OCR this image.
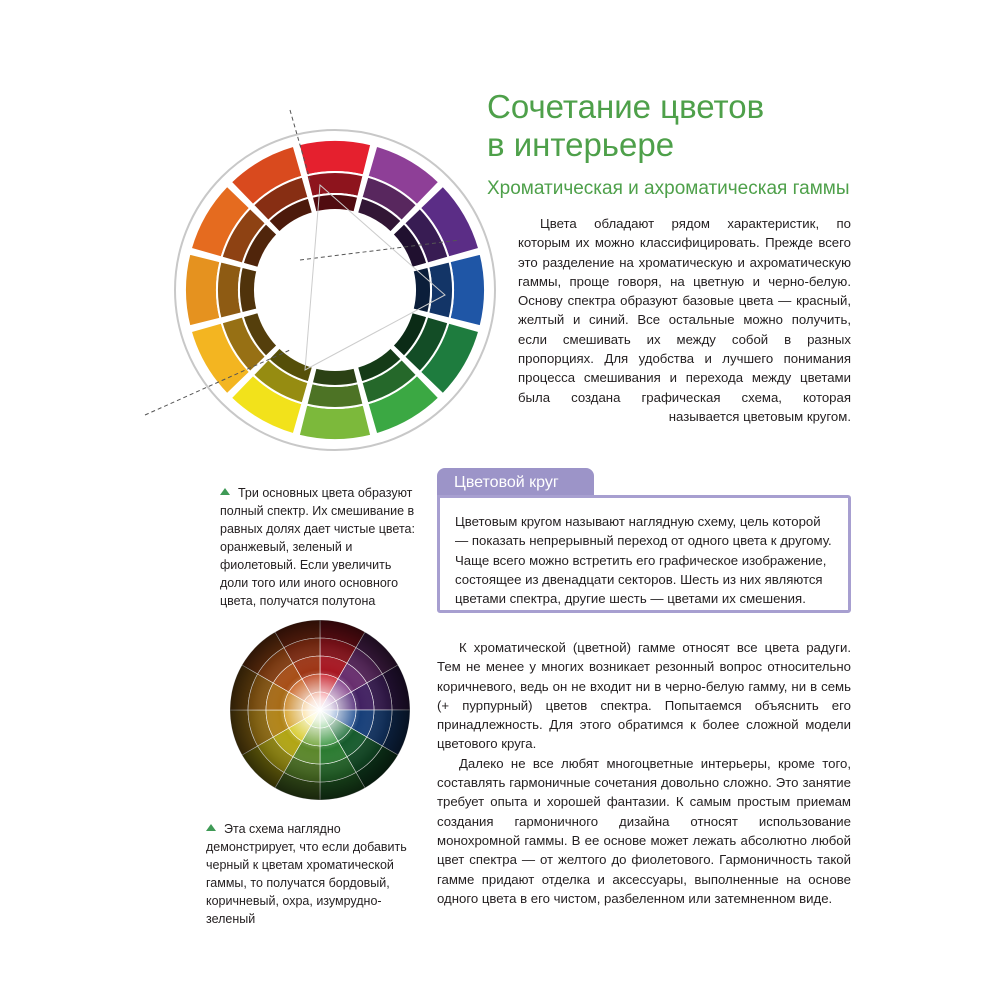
Сочетание цветов
в интерьере
Хроматическая и ахроматическая гаммы

Цвета обладают рядом характеристик, по которым их можно классифицировать. Прежде всего это разделение на хроматическую и ахроматическую гаммы, проще говоря, на цветную и черно-белую. Основу спектра образуют базовые цвета — красный, желтый и синий. Все остальные можно получить, если смешивать их между собой в разных пропорциях. Для удобства и лучшего понимания процесса смешивания и перехода между цветами была создана графическая схема, которая называется цветовым кругом.

Три основных цвета образуют полный спектр. Их смешивание в равных долях дает чистые цвета: оранжевый, зеленый и фиолетовый. Если увеличить доли того или иного основного цвета, получатся полутона
Цветовой круг

Цветовым кругом называют наглядную схему, цель которой — показать непрерывный переход от одного цвета к другому. Чаще всего можно встретить его графическое изображение, состоящее из двенадцати секторов. Шесть из них являются цветами спектра, другие шесть — цветами их смешения.

Эта схема наглядно демонстрирует, что если добавить черный к цветам хроматической гаммы, то получатся бордовый, коричневый, охра, изумрудно-зеленый

К хроматической (цветной) гамме относят все цвета радуги. Тем не менее у многих возникает резонный вопрос относительно коричневого, ведь он не входит ни в черно-белую гамму, ни в семь (+ пурпурный) цветов спектра. Попытаемся объяснить его принадлежность. Для этого обратимся к более сложной модели цветового круга.

Далеко не все любят многоцветные интерьеры, кроме того, составлять гармоничные сочетания довольно сложно. Это занятие требует опыта и хорошей фантазии. К самым простым приемам создания гармоничного дизайна относят использование монохромной гаммы. В ее основе может лежать абсолютно любой цвет спектра — от желтого до фиолетового. Гармоничность такой гамме придают отделка и аксессуары, выполненные на основе одного цвета в его чистом, разбеленном или затемненном виде.
